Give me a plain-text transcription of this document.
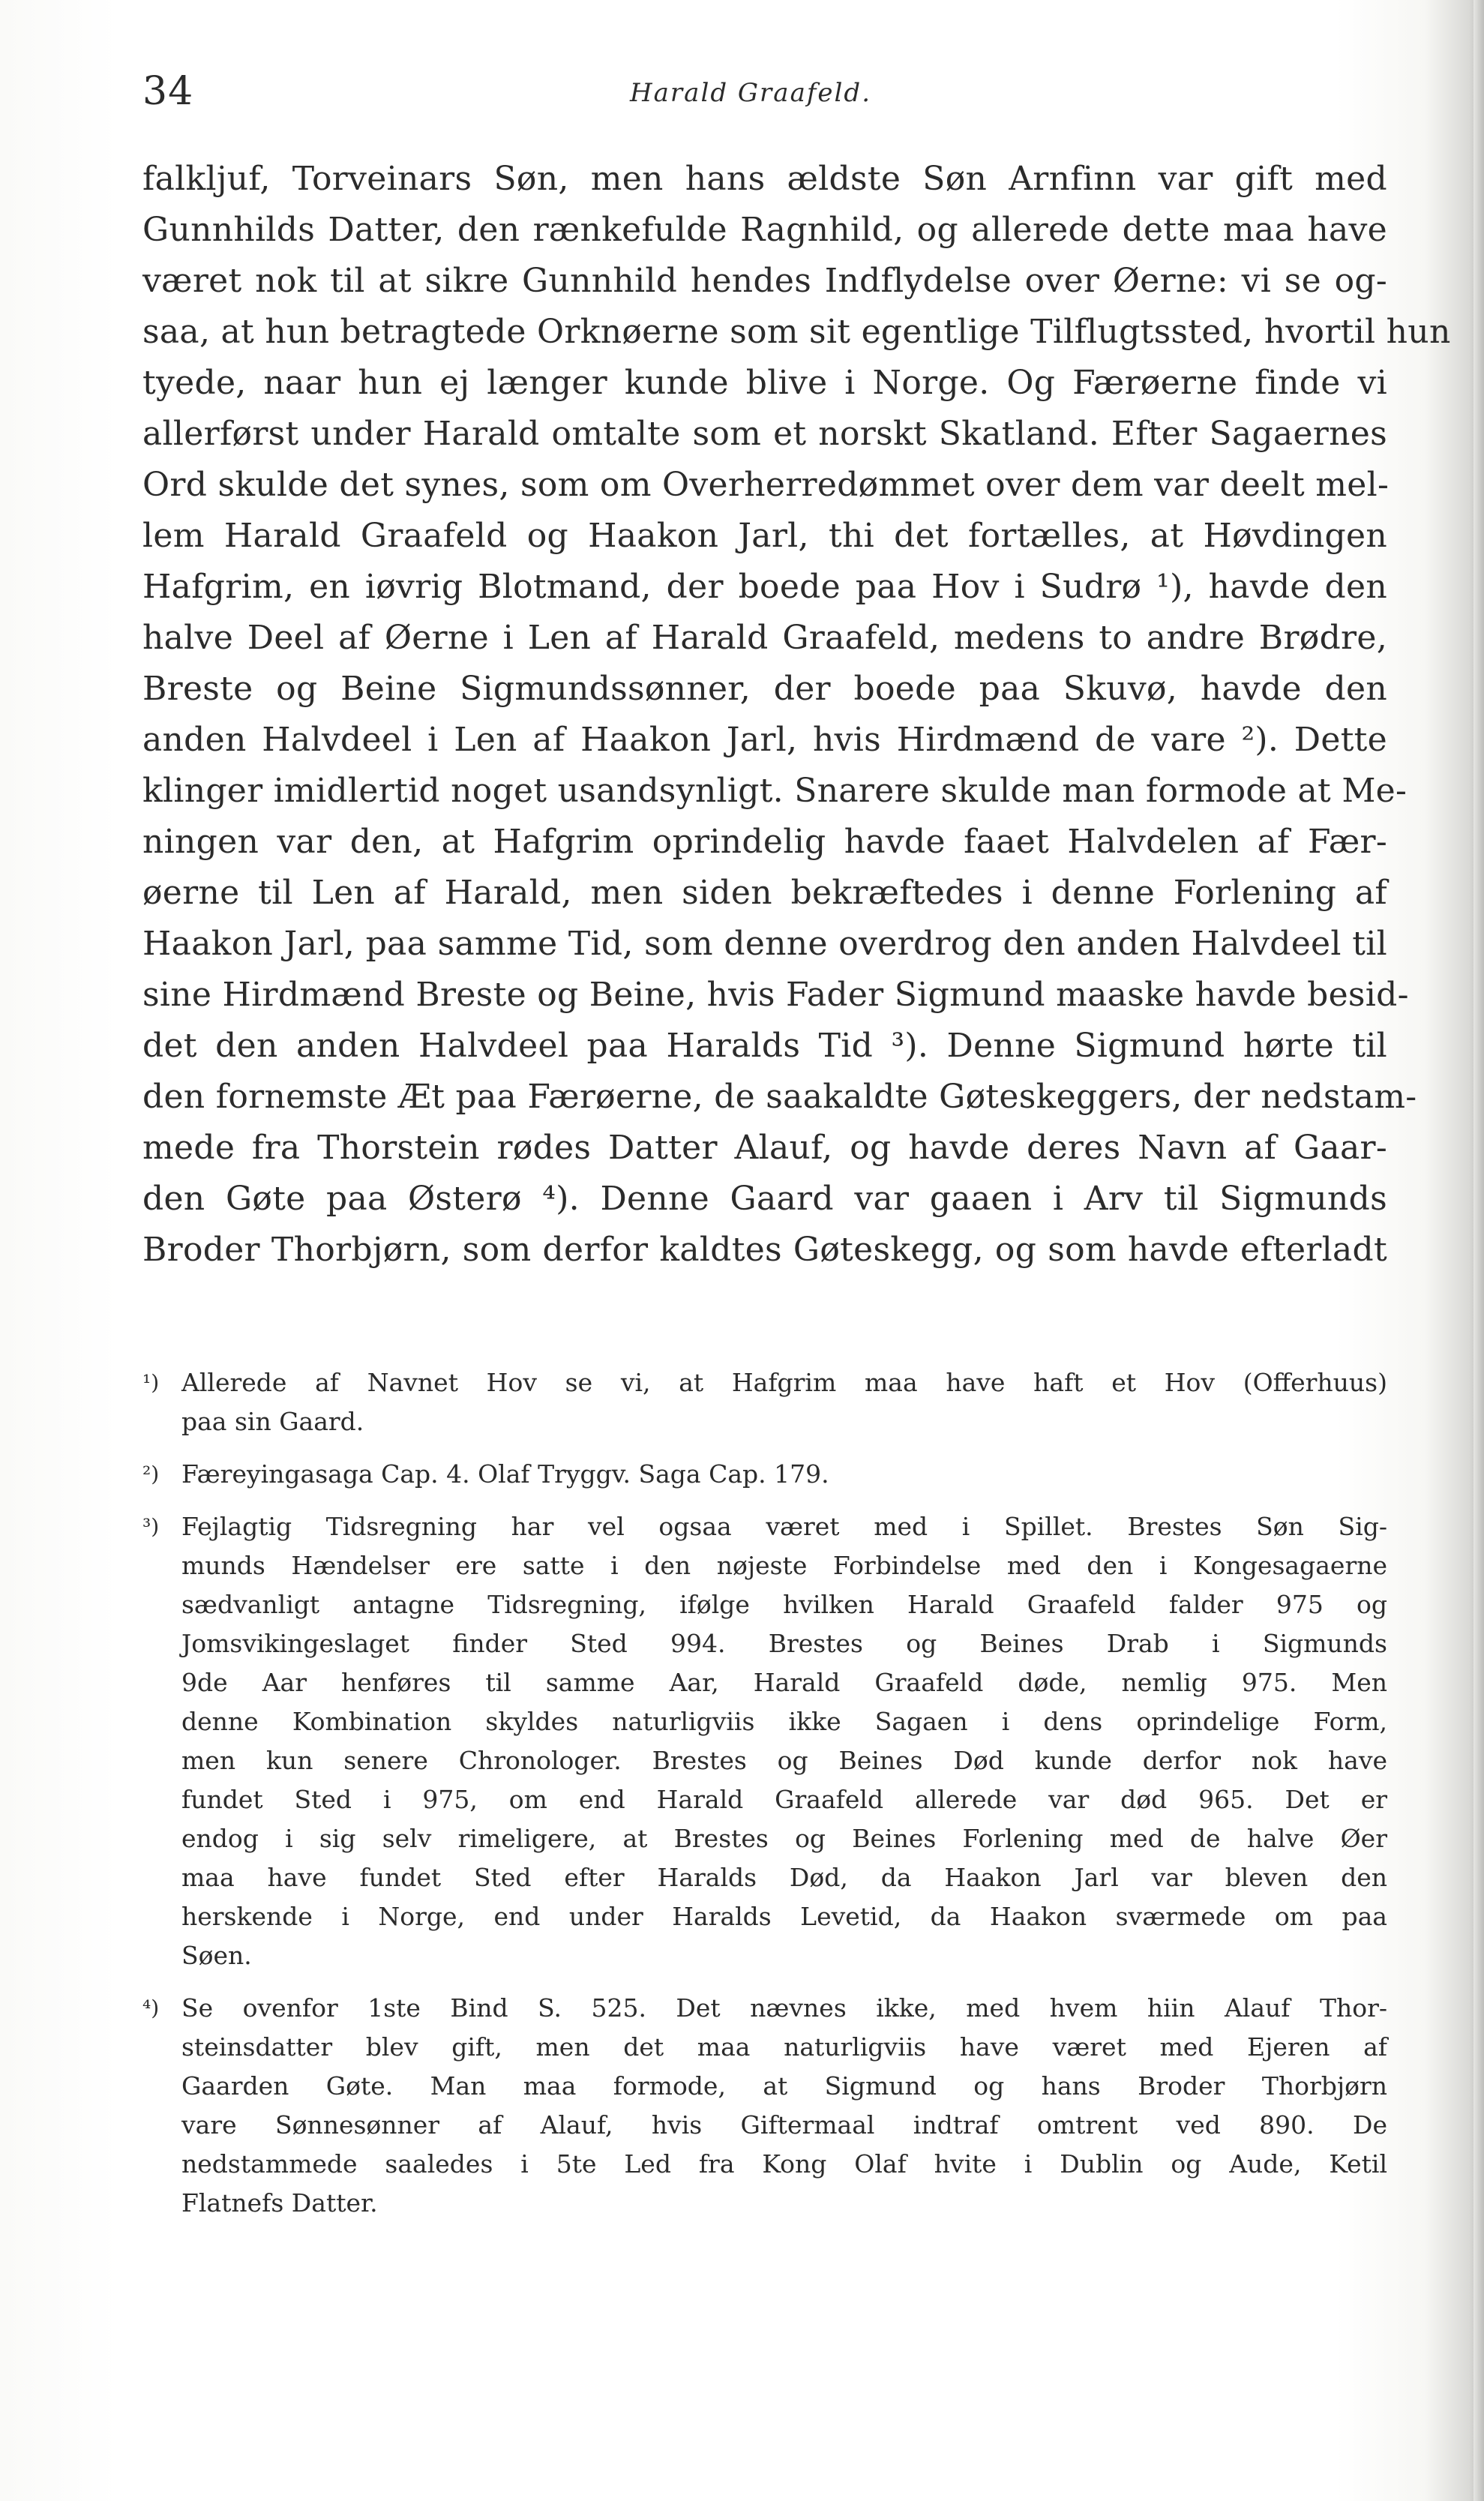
34	Harald Graafeld.
falkljuf, Torveinars Søn, men hans ældste Søn Arnfinn var gift med
Gunnhilds Datter, den rænkefulde Ragnhild, og allerede dette maa have
været nok til at sikre Gunnhild hendes Indflydelse over Øerne: vi se og-
saa, at hun betragtede Orknøerne som sit egentlige Tilflugtssted, hvortil hun
tyede, naar hun ej længer kunde blive i Norge. Og Færøerne finde vi
allerførst under Harald omtalte som et norskt Skatland. Efter Sagaernes
Ord skulde det synes, som om Overherredømmet over dem var deelt mel-
lem Harald Graafeld og Haakon Jarl, thi det fortælles, at Høvdingen
Hafgrim, en iøvrig Blotmand, der boede paa Hov i Sudrø ¹), havde den
halve Deel af Øerne i Len af Harald Graafeld, medens to andre Brødre,
Breste og Beine Sigmundssønner, der boede paa Skuvø, havde den
anden Halvdeel i Len af Haakon Jarl, hvis Hirdmænd de vare ²). Dette
klinger imidlertid noget usandsynligt. Snarere skulde man formode at Me-
ningen var den, at Hafgrim oprindelig havde faaet Halvdelen af Fær-
øerne til Len af Harald, men siden bekræftedes i denne Forlening af
Haakon Jarl, paa samme Tid, som denne overdrog den anden Halvdeel til
sine Hirdmænd Breste og Beine, hvis Fader Sigmund maaske havde besid-
det den anden Halvdeel paa Haralds Tid ³). Denne Sigmund hørte til
den fornemste Æt paa Færøerne, de saakaldte Gøteskeggers, der nedstam-
mede fra Thorstein rødes Datter Alauf, og havde deres Navn af Gaar-
den Gøte paa Østerø ⁴). Denne Gaard var gaaen i Arv til Sigmunds
Broder Thorbjørn, som derfor kaldtes Gøteskegg, og som havde efterladt
¹) Allerede af Navnet Hov se vi, at Hafgrim maa have haft et Hov (Offerhuus)
paa sin Gaard.
²) Færeyingasaga Cap. 4. Olaf Tryggv. Saga Cap. 179.
³) Fejlagtig Tidsregning har vel ogsaa været med i Spillet. Brestes Søn Sig-
munds Hændelser ere satte i den nøjeste Forbindelse med den i Kongesagaerne
sædvanligt antagne Tidsregning, ifølge hvilken Harald Graafeld falder 975 og
Jomsvikingeslaget finder Sted 994. Brestes og Beines Drab i Sigmunds
9de Aar henføres til samme Aar, Harald Graafeld døde, nemlig 975. Men
denne Kombination skyldes naturligviis ikke Sagaen i dens oprindelige Form,
men kun senere Chronologer. Brestes og Beines Død kunde derfor nok have
fundet Sted i 975, om end Harald Graafeld allerede var død 965. Det er
endog i sig selv rimeligere, at Brestes og Beines Forlening med de halve Øer
maa have fundet Sted efter Haralds Død, da Haakon Jarl var bleven den
herskende i Norge, end under Haralds Levetid, da Haakon sværmede om paa
Søen.
⁴) Se ovenfor 1ste Bind S. 525. Det nævnes ikke, med hvem hiin Alauf Thor-
steinsdatter blev gift, men det maa naturligviis have været med Ejeren af
Gaarden Gøte. Man maa formode, at Sigmund og hans Broder Thorbjørn
vare Sønnesønner af Alauf, hvis Giftermaal indtraf omtrent ved 890. De
nedstammede saaledes i 5te Led fra Kong Olaf hvite i Dublin og Aude, Ketil
Flatnefs Datter.
